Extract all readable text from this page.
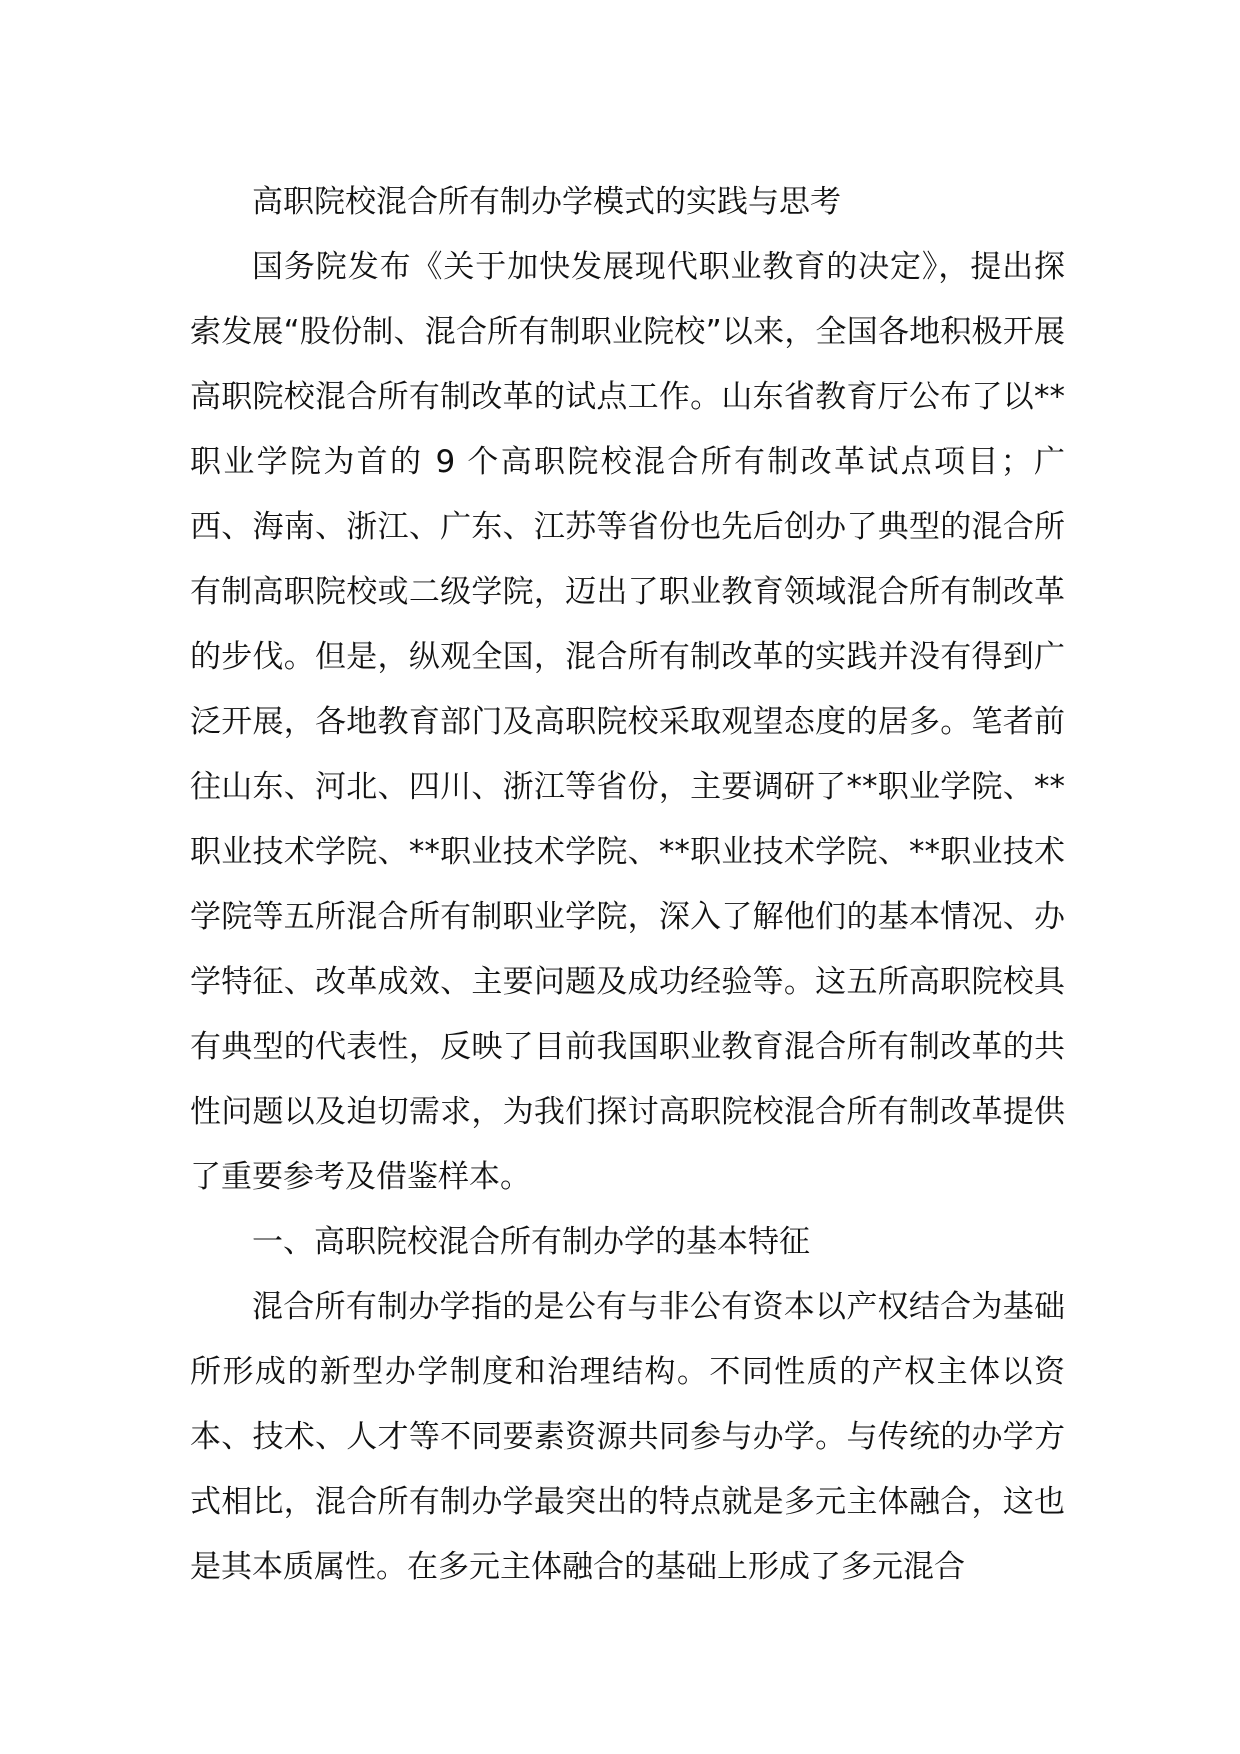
高职院校混合所有制办学模式的实践与思考

国务院发布《关于加快发展现代职业教育的决定》，提出探索发展“股份制、混合所有制职业院校”以来，全国各地积极开展高职院校混合所有制改革的试点工作。山东省教育厅公布了以**职业学院为首的 9 个高职院校混合所有制改革试点项目；广西、海南、浙江、广东、江苏等省份也先后创办了典型的混合所有制高职院校或二级学院，迈出了职业教育领域混合所有制改革的步伐。但是，纵观全国，混合所有制改革的实践并没有得到广泛开展，各地教育部门及高职院校采取观望态度的居多。笔者前往山东、河北、四川、浙江等省份，主要调研了**职业学院、**职业技术学院、**职业技术学院、**职业技术学院、**职业技术学院等五所混合所有制职业学院，深入了解他们的基本情况、办学特征、改革成效、主要问题及成功经验等。这五所高职院校具有典型的代表性，反映了目前我国职业教育混合所有制改革的共性问题以及迫切需求，为我们探讨高职院校混合所有制改革提供了重要参考及借鉴样本。

一、高职院校混合所有制办学的基本特征

混合所有制办学指的是公有与非公有资本以产权结合为基础所形成的新型办学制度和治理结构。不同性质的产权主体以资本、技术、人才等不同要素资源共同参与办学。与传统的办学方式相比，混合所有制办学最突出的特点就是多元主体融合，这也是其本质属性。在多元主体融合的基础上形成了多元混合
